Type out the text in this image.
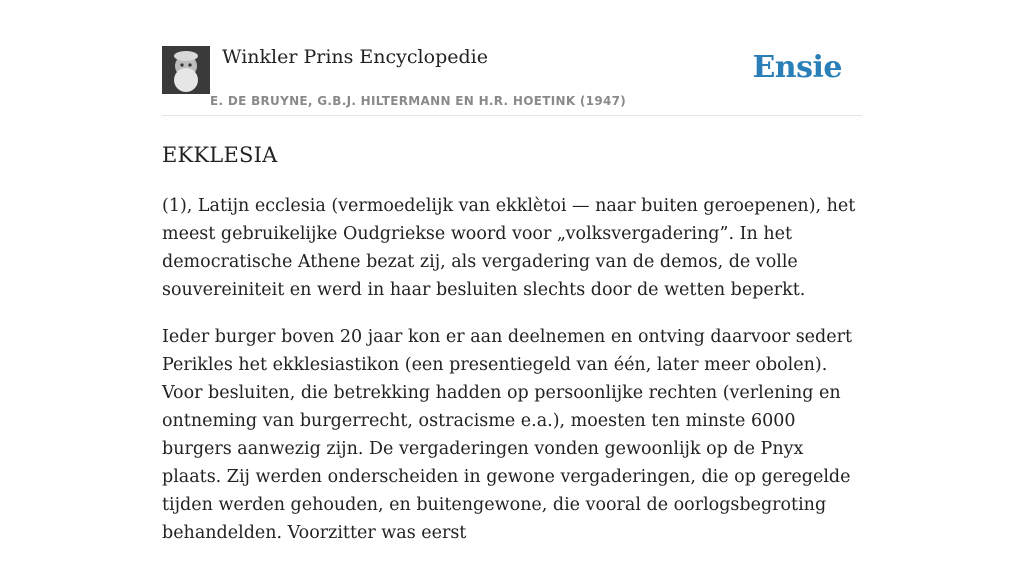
Winkler Prins Encyclopedie
E. DE BRUYNE, G.B.J. HILTERMANN EN H.R. HOETINK (1947)
Ensie
EKKLESIA

(1), Latijn ecclesia (vermoedelijk van ekklètoi — naar buiten geroepenen), het meest gebruikelijke Oudgriekse woord voor „volksvergadering”. In het democratische Athene bezat zij, als vergadering van de demos, de volle souvereiniteit en werd in haar besluiten slechts door de wetten beperkt.

Ieder burger boven 20 jaar kon er aan deelnemen en ontving daarvoor sedert Perikles het ekklesiastikon (een presentiegeld van één, later meer obolen). Voor besluiten, die betrekking hadden op persoonlijke rechten (verlening en ontneming van burgerrecht, ostracisme e.a.), moesten ten minste 6000 burgers aanwezig zijn. De vergaderingen vonden gewoonlijk op de Pnyx plaats. Zij werden onderscheiden in gewone vergaderingen, die op geregelde tijden werden gehouden, en buitengewone, die vooral de oorlogsbegroting behandelden. Voorzitter was eerst
